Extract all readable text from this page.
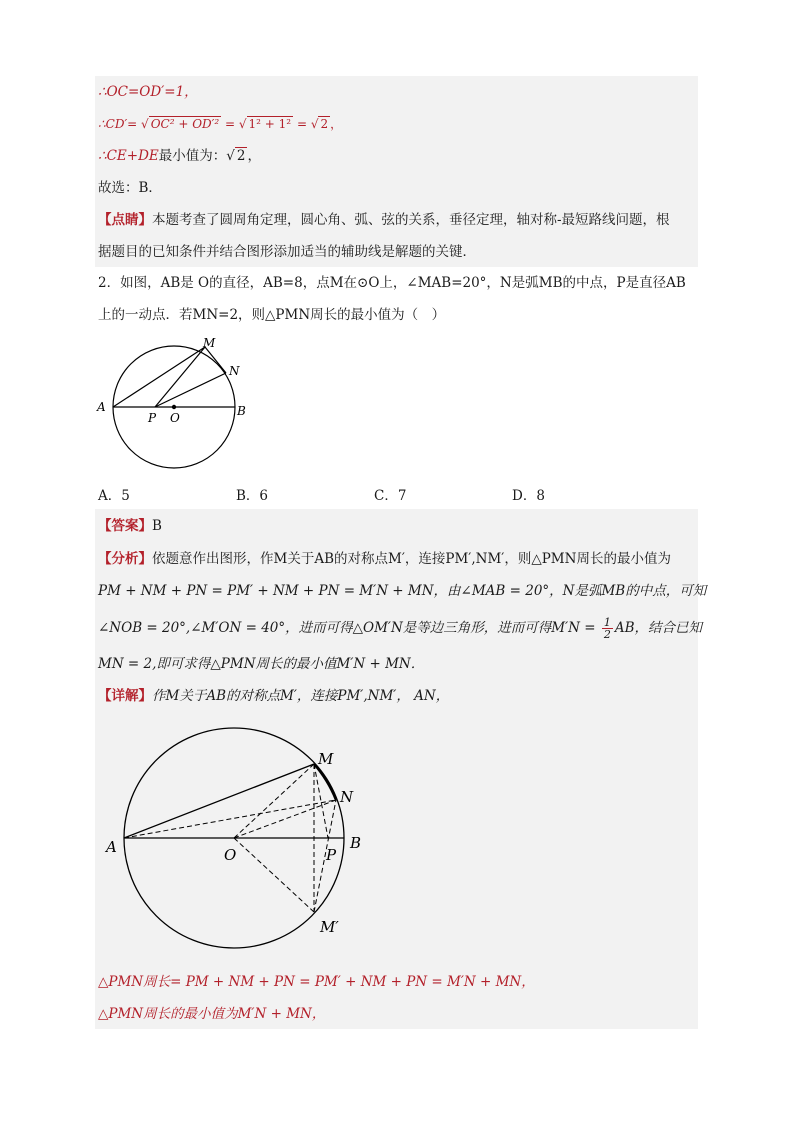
∴OC=OD′=1，
∴CD′= √ OC² + OD′² = √ 1² + 1² = √ 2 ，
∴CE+DE最小值为：√ 2 ，
故选：B．
【点睛】本题考查了圆周角定理，圆心角、弧、弦的关系，垂径定理，轴对称-最短路线问题，根
据题目的已知条件并结合图形添加适当的辅助线是解题的关键．
2．如图，AB是 O的直径，AB=8，点M在⊙O上，∠MAB=20°，N是弧MB的中点，P是直径AB
上的一动点．若MN=2，则△PMN周长的最小值为（　）
M
N
A	B
P O
A．5	B．6	C．7	D．8
【答案】B
【分析】依题意作出图形，作M关于AB的对称点M′，连接PM′,NM′，则△PMN周长的最小值为
PM + NM + PN = PM′ + NM + PN = M′N + MN，由∠MAB = 20°，N是弧MB的中点，可知
∠NOB = 20°,∠M′ON = 40°，进而可得△OM′N是等边三角形，进而可得$M'N = \frac{1}{2}$ AB，结合已知
MN = 2,即可求得△PMN周长的最小值M′N + MN．
【详解】作M关于AB的对称点M′，连接PM′,NM′， AN，
M
N
A	B
O	P
M′
△PMN周长= PM + NM + PN = PM′ + NM + PN = M′N + MN，
△PMN周长的最小值为M′N + MN，
